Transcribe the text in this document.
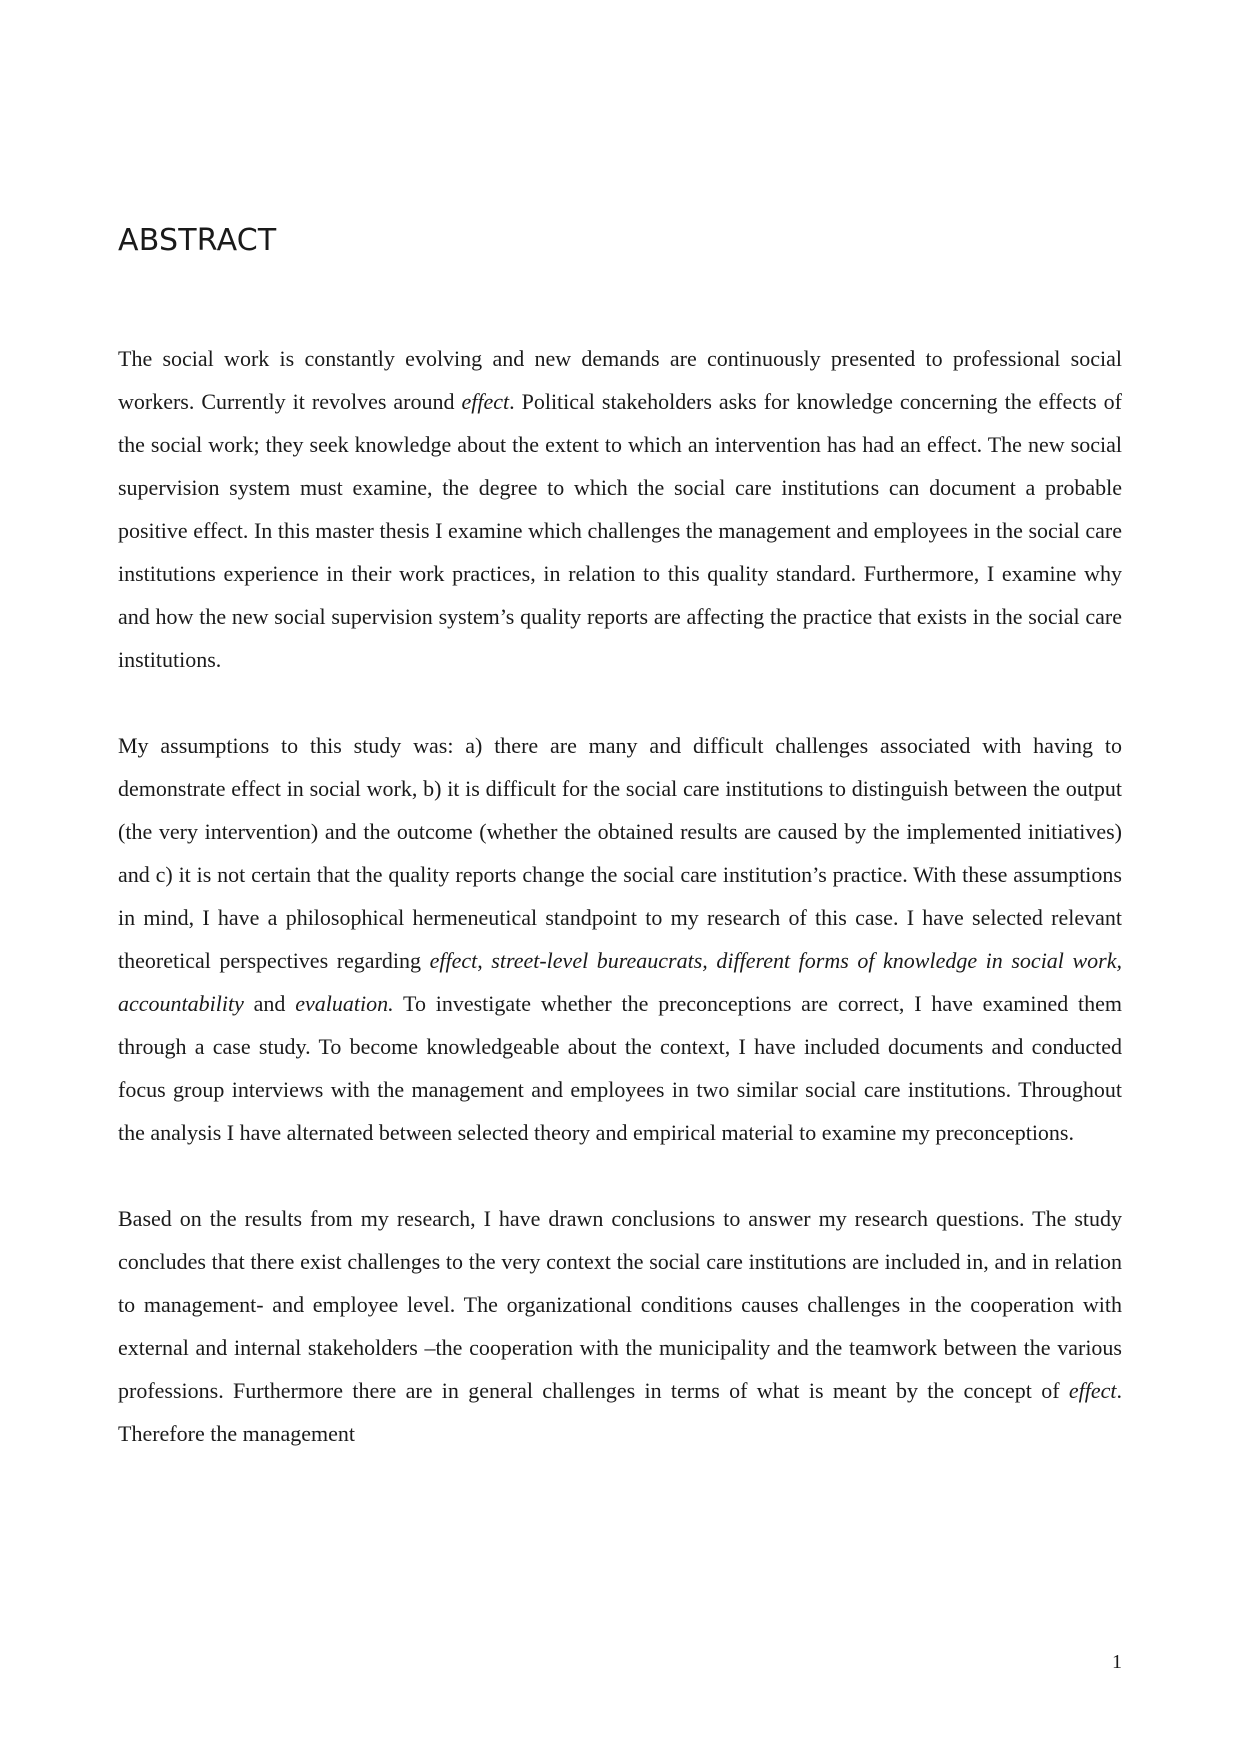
ABSTRACT

The social work is constantly evolving and new demands are continuously presented to professional social workers. Currently it revolves around effect. Political stakeholders asks for knowledge concerning the effects of the social work; they seek knowledge about the extent to which an intervention has had an effect. The new social supervision system must examine, the degree to which the social care institutions can document a probable positive effect. In this master thesis I examine which challenges the management and employees in the social care institutions experience in their work practices, in relation to this quality standard. Furthermore, I examine why and how the new social supervision system’s quality reports are affecting the practice that exists in the social care institutions.

My assumptions to this study was: a) there are many and difficult challenges associated with having to demonstrate effect in social work, b) it is difficult for the social care institutions to distinguish between the output (the very intervention) and the outcome (whether the obtained results are caused by the implemented initiatives) and c) it is not certain that the quality reports change the social care institution’s practice. With these assumptions in mind, I have a philosophical hermeneutical standpoint to my research of this case. I have selected relevant theoretical perspectives regarding effect, street-level bureaucrats, different forms of knowledge in social work, accountability and evaluation. To investigate whether the preconceptions are correct, I have examined them through a case study. To become knowledgeable about the context, I have included documents and conducted focus group interviews with the management and employees in two similar social care institutions. Throughout the analysis I have alternated between selected theory and empirical material to examine my preconceptions.

Based on the results from my research, I have drawn conclusions to answer my research questions. The study concludes that there exist challenges to the very context the social care institutions are included in, and in relation to management- and employee level. The organizational conditions causes challenges in the cooperation with external and internal stakeholders –the cooperation with the municipality and the teamwork between the various professions. Furthermore there are in general challenges in terms of what is meant by the concept of effect. Therefore the management

1
